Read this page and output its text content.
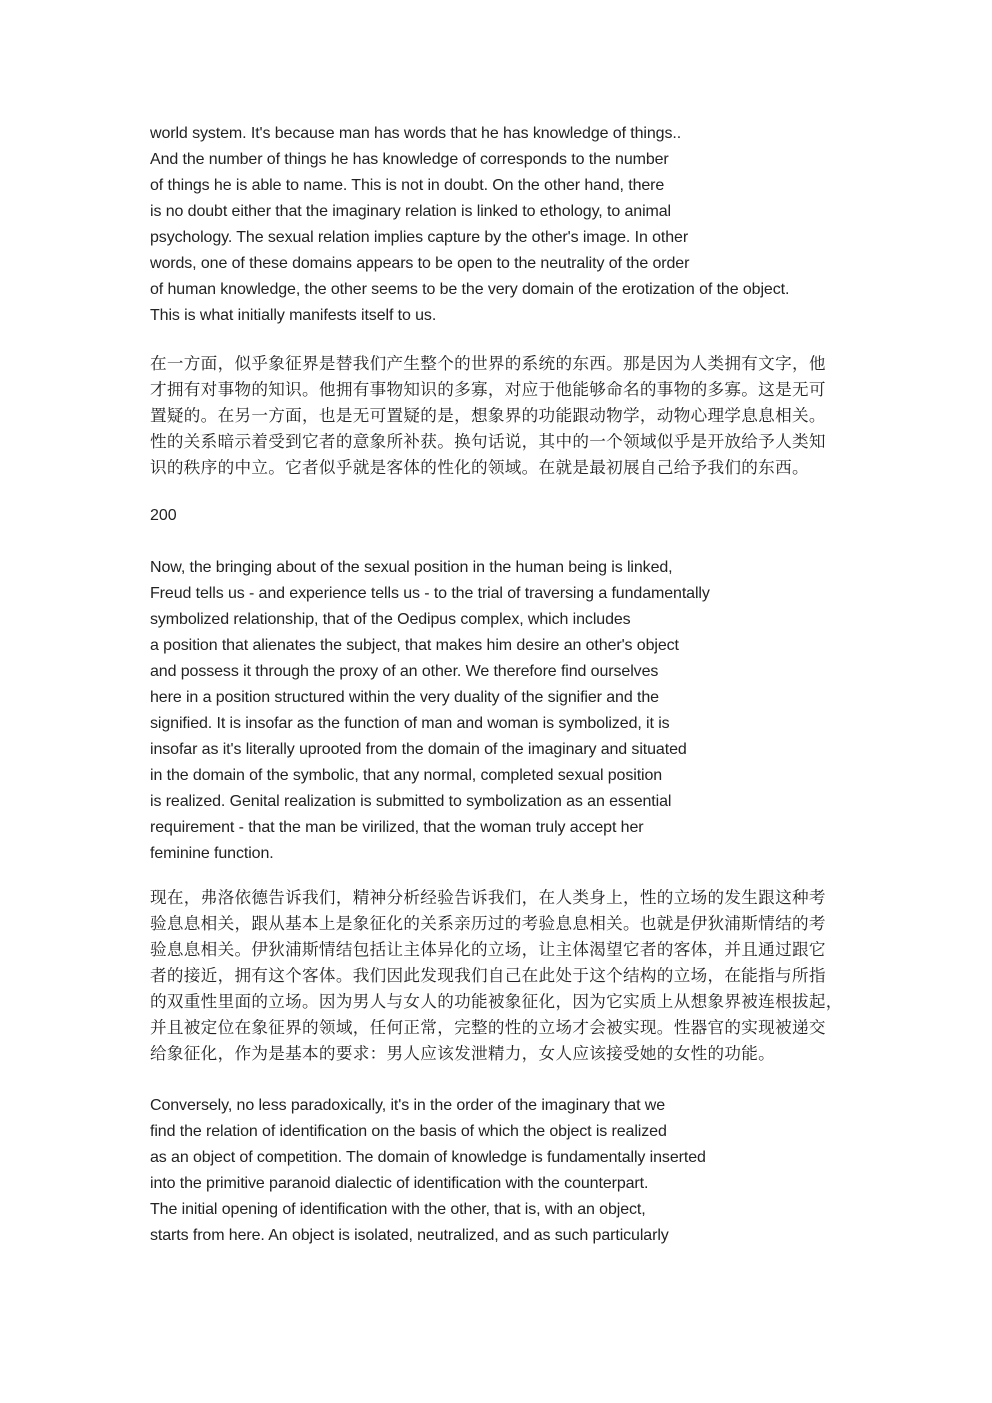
world system. It's because man has words that he has knowledge of things..
And the number of things he has knowledge of corresponds to the number
of things he is able to name. This is not in doubt. On the other hand, there
is no doubt either that the imaginary relation is linked to ethology, to animal
psychology. The sexual relation implies capture by the other's image. In other
words, one of these domains appears to be open to the neutrality of the order
of human knowledge, the other seems to be the very domain of the erotization of the object.
This is what initially manifests itself to us.
在一方面，似乎象征界是替我们产生整个的世界的系统的东西。那是因为人类拥有文字，他
才拥有对事物的知识。他拥有事物知识的多寡，对应于他能够命名的事物的多寡。这是无可
置疑的。在另一方面，也是无可置疑的是，想象界的功能跟动物学，动物心理学息息相关。
性的关系暗示着受到它者的意象所补获。换句话说，其中的一个领域似乎是开放给予人类知
识的秩序的中立。它者似乎就是客体的性化的领域。在就是最初展自己给予我们的东西。
200
Now, the bringing about of the sexual position in the human being is linked,
Freud tells us - and experience tells us - to the trial of traversing a fundamentally
symbolized relationship, that of the Oedipus complex, which includes
a position that alienates the subject, that makes him desire an other's object
and possess it through the proxy of an other. We therefore find ourselves
here in a position structured within the very duality of the signifier and the
signified. It is insofar as the function of man and woman is symbolized, it is
insofar as it's literally uprooted from the domain of the imaginary and situated
in the domain of the symbolic, that any normal, completed sexual position
is realized. Genital realization is submitted to symbolization as an essential
requirement - that the man be virilized, that the woman truly accept her
feminine function.
现在，弗洛依德告诉我们，精神分析经验告诉我们，在人类身上，性的立场的发生跟这种考
验息息相关，跟从基本上是象征化的关系亲历过的考验息息相关。也就是伊狄浦斯情结的考
验息息相关。伊狄浦斯情结包括让主体异化的立场，让主体渴望它者的客体，并且通过跟它
者的接近，拥有这个客体。我们因此发现我们自己在此处于这个结构的立场，在能指与所指
的双重性里面的立场。因为男人与女人的功能被象征化，因为它实质上从想象界被连根拔起，
并且被定位在象征界的领域，任何正常，完整的性的立场才会被实现。性器官的实现被递交
给象征化，作为是基本的要求：男人应该发泄精力，女人应该接受她的女性的功能。
Conversely, no less paradoxically, it's in the order of the imaginary that we
find the relation of identification on the basis of which the object is realized
as an object of competition. The domain of knowledge is fundamentally inserted
into the primitive paranoid dialectic of identification with the counterpart.
The initial opening of identification with the other, that is, with an object,
starts from here. An object is isolated, neutralized, and as such particularly
